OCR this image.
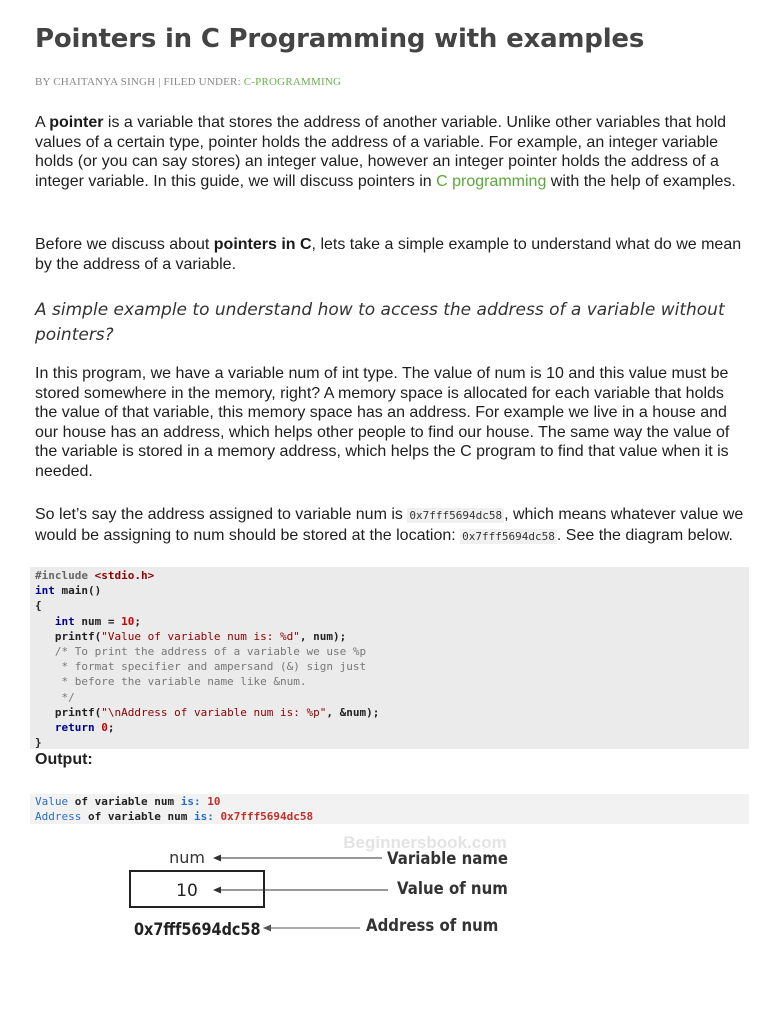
Pointers in C Programming with examples
BY CHAITANYA SINGH | FILED UNDER: C-PROGRAMMING

A pointer is a variable that stores the address of another variable. Unlike other variables that hold values of a certain type, pointer holds the address of a variable. For example, an integer variable holds (or you can say stores) an integer value, however an integer pointer holds the address of a integer variable. In this guide, we will discuss pointers in C programming with the help of examples.

Before we discuss about pointers in C, lets take a simple example to understand what do we mean by the address of a variable.

A simple example to understand how to access the address of a variable without pointers?

In this program, we have a variable num of int type. The value of num is 10 and this value must be stored somewhere in the memory, right? A memory space is allocated for each variable that holds the value of that variable, this memory space has an address. For example we live in a house and our house has an address, which helps other people to find our house. The same way the value of the variable is stored in a memory address, which helps the C program to find that value when it is needed.

So let’s say the address assigned to variable num is 0x7fff5694dc58 , which means whatever value we would be assigning to num should be stored at the location: 0x7fff5694dc58 . See the diagram below.

#include <stdio.h>
int main()
{
int num = 10;
printf("Value of variable num is: %d", num);
/* To print the address of a variable we use %p
* format specifier and ampersand (&) sign just
* before the variable name like &num.
*/
printf("\nAddress of variable num is: %p", &num);
return 0;
}
Output:
Value of variable num is: 10
Address of variable num is: 0x7fff5694dc58
Beginnersbook.com
num	Variable name
10	Value of num
0x7fff5694dc58	Address of num
